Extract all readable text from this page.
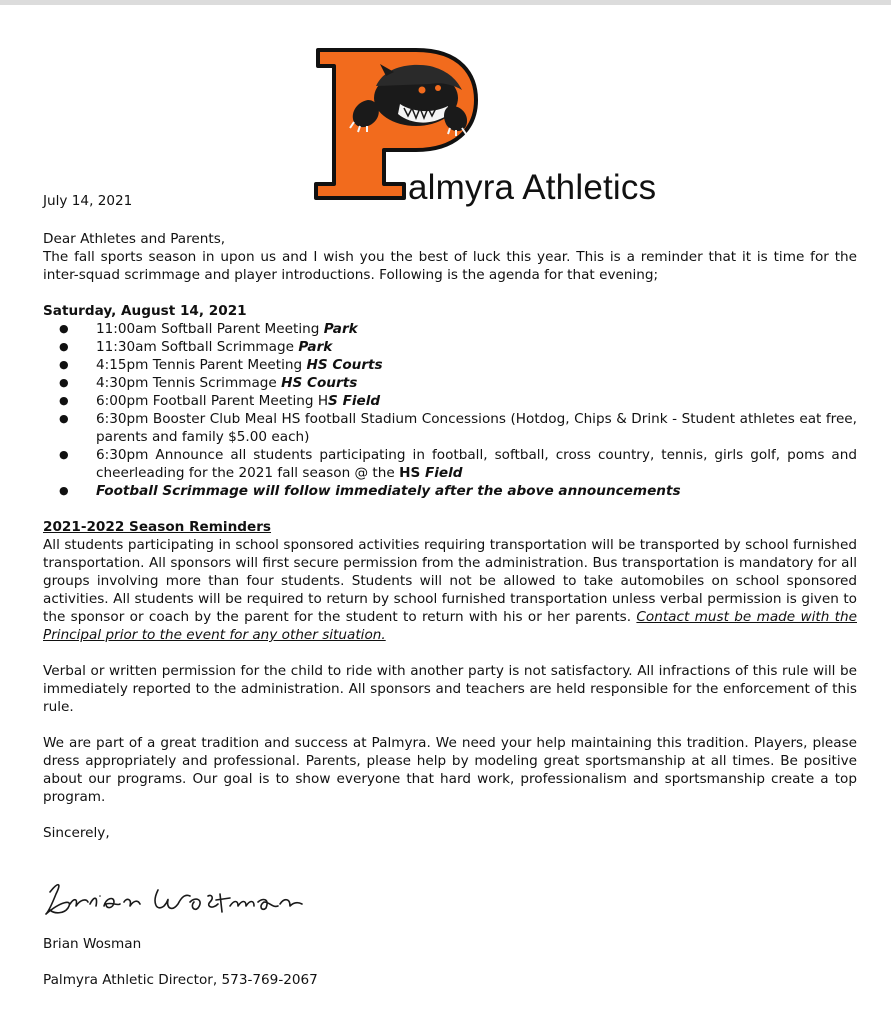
P
almyra Athletics
July 14, 2021

Dear Athletes and Parents,

The fall sports season in upon us and I wish you the best of luck this year. This is a reminder that it is time for the inter-squad scrimmage and player introductions. Following is the agenda for that evening;

Saturday, August 14, 2021

● 11:00am Softball Parent Meeting Park
● 11:30am Softball Scrimmage Park
● 4:15pm Tennis Parent Meeting HS Courts
● 4:30pm Tennis Scrimmage HS Courts
● 6:00pm Football Parent Meeting HS Field
● 6:30pm Booster Club Meal HS football Stadium Concessions (Hotdog, Chips & Drink - Student athletes eat free, parents and family $5.00 each)
● 6:30pm Announce all students participating in football, softball, cross country, tennis, girls golf, poms and cheerleading for the 2021 fall season @ the HS Field
● Football Scrimmage will follow immediately after the above announcements

2021-2022 Season Reminders

All students participating in school sponsored activities requiring transportation will be transported by school furnished transportation. All sponsors will first secure permission from the administration. Bus transportation is mandatory for all groups involving more than four students. Students will not be allowed to take automobiles on school sponsored activities. All students will be required to return by school furnished transportation unless verbal permission is given to the sponsor or coach by the parent for the student to return with his or her parents. Contact must be made with the Principal prior to the event for any other situation.

Verbal or written permission for the child to ride with another party is not satisfactory. All infractions of this rule will be immediately reported to the administration. All sponsors and teachers are held responsible for the enforcement of this rule.

We are part of a great tradition and success at Palmyra. We need your help maintaining this tradition. Players, please dress appropriately and professional. Parents, please help by modeling great sportsmanship at all times. Be positive about our programs. Our goal is to show everyone that hard work, professionalism and sportsmanship create a top program.

Sincerely,

Brian Wosman
Palmyra Athletic Director, 573-769-2067
